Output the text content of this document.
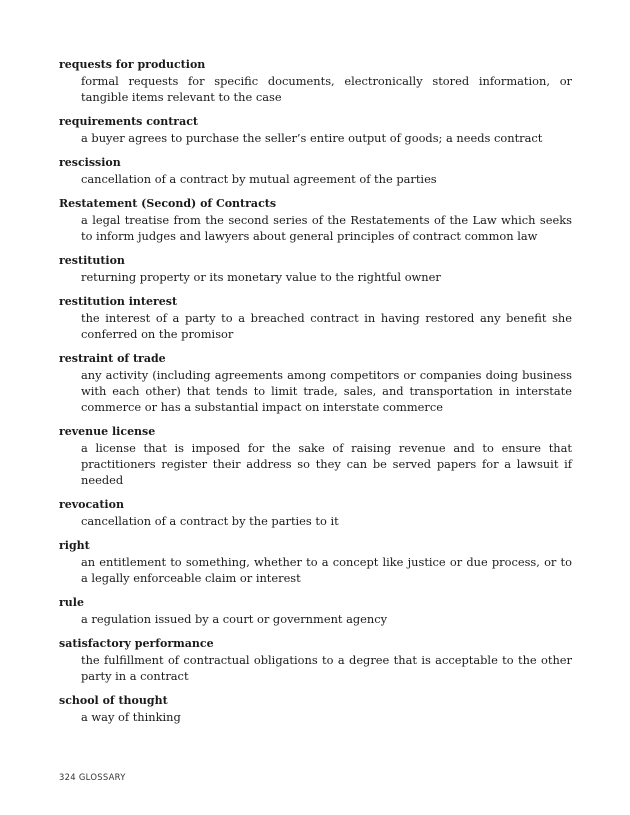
requests for production
formal requests for specific documents, electronically stored information, or tangible items relevant to the case
requirements contract
a buyer agrees to purchase the seller’s entire output of goods; a needs contract
rescission
cancellation of a contract by mutual agreement of the parties
Restatement (Second) of Contracts
a legal treatise from the second series of the Restatements of the Law which seeks to inform judges and lawyers about general principles of contract common law
restitution
returning property or its monetary value to the rightful owner
restitution interest
the interest of a party to a breached contract in having restored any benefit she conferred on the promisor
restraint of trade
any activity (including agreements among competitors or companies doing business with each other) that tends to limit trade, sales, and transportation in interstate commerce or has a substantial impact on interstate commerce
revenue license
a license that is imposed for the sake of raising revenue and to ensure that practitioners register their address so they can be served papers for a lawsuit if needed
revocation
cancellation of a contract by the parties to it
right
an entitlement to something, whether to a concept like justice or due process, or to a legally enforceable claim or interest
rule
a regulation issued by a court or government agency
satisfactory performance
the fulfillment of contractual obligations to a degree that is acceptable to the other party in a contract
school of thought
a way of thinking
324 GLOSSARY
